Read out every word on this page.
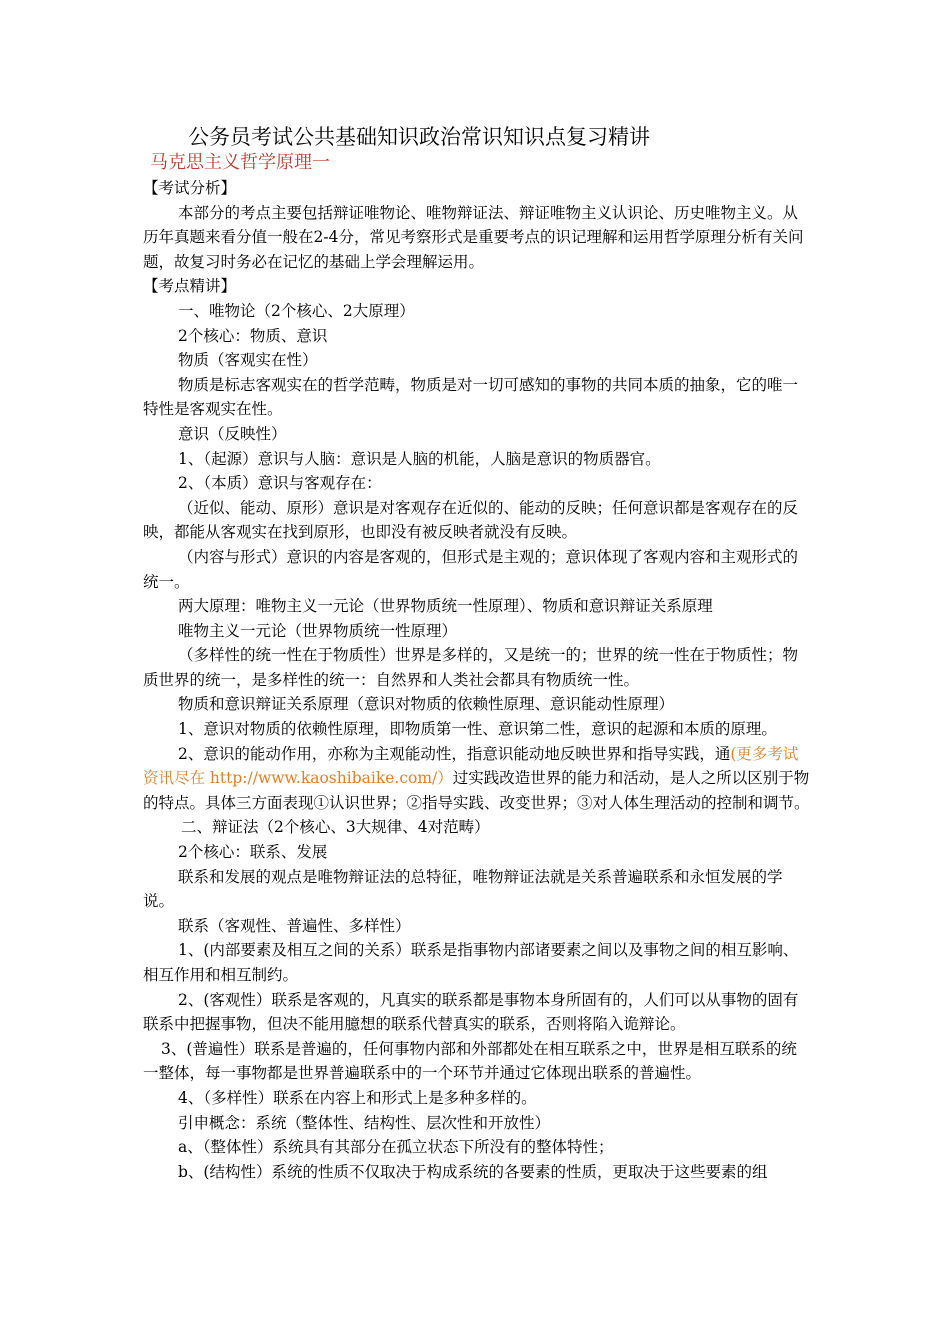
公务员考试公共基础知识政治常识知识点复习精讲
马克思主义哲学原理一

【考试分析】

本部分的考点主要包括辩证唯物论、唯物辩证法、辩证唯物主义认识论、历史唯物主义。从历年真题来看分值一般在2-4分，常见考察形式是重要考点的识记理解和运用哲学原理分析有关问题，故复习时务必在记忆的基础上学会理解运用。

【考点精讲】

一、唯物论（2个核心、2大原理）

2个核心：物质、意识

物质（客观实在性）

物质是标志客观实在的哲学范畴，物质是对一切可感知的事物的共同本质的抽象，它的唯一特性是客观实在性。

意识（反映性）

1、（起源）意识与人脑：意识是人脑的机能，人脑是意识的物质器官。

2、（本质）意识与客观存在：

（近似、能动、原形）意识是对客观存在近似的、能动的反映；任何意识都是客观存在的反映，都能从客观实在找到原形，也即没有被反映者就没有反映。

（内容与形式）意识的内容是客观的，但形式是主观的；意识体现了客观内容和主观形式的统一。

两大原理：唯物主义一元论（世界物质统一性原理）、物质和意识辩证关系原理

唯物主义一元论（世界物质统一性原理）

（多样性的统一性在于物质性）世界是多样的，又是统一的；世界的统一性在于物质性；物质世界的统一，是多样性的统一：自然界和人类社会都具有物质统一性。

物质和意识辩证关系原理（意识对物质的依赖性原理、意识能动性原理）

1、意识对物质的依赖性原理，即物质第一性、意识第二性，意识的起源和本质的原理。

2、意识的能动作用，亦称为主观能动性，指意识能动地反映世界和指导实践，通(更多考试资讯尽在 http://www.kaoshibaike.com/）过实践改造世界的能力和活动，是人之所以区别于物的特点。具体三方面表现①认识世界；②指导实践、改变世界；③对人体生理活动的控制和调节。

二、辩证法（2个核心、3大规律、4对范畴）

2个核心：联系、发展

联系和发展的观点是唯物辩证法的总特征，唯物辩证法就是关系普遍联系和永恒发展的学说。

联系（客观性、普遍性、多样性）

1、(内部要素及相互之间的关系）联系是指事物内部诸要素之间以及事物之间的相互影响、相互作用和相互制约。

2、(客观性）联系是客观的，凡真实的联系都是事物本身所固有的，人们可以从事物的固有联系中把握事物，但决不能用臆想的联系代替真实的联系，否则将陷入诡辩论。

3、(普遍性）联系是普遍的，任何事物内部和外部都处在相互联系之中，世界是相互联系的统一整体，每一事物都是世界普遍联系中的一个环节并通过它体现出联系的普遍性。

4、（多样性）联系在内容上和形式上是多种多样的。

引申概念：系统（整体性、结构性、层次性和开放性）

a、（整体性）系统具有其部分在孤立状态下所没有的整体特性；

b、(结构性）系统的性质不仅取决于构成系统的各要素的性质，更取决于这些要素的组
